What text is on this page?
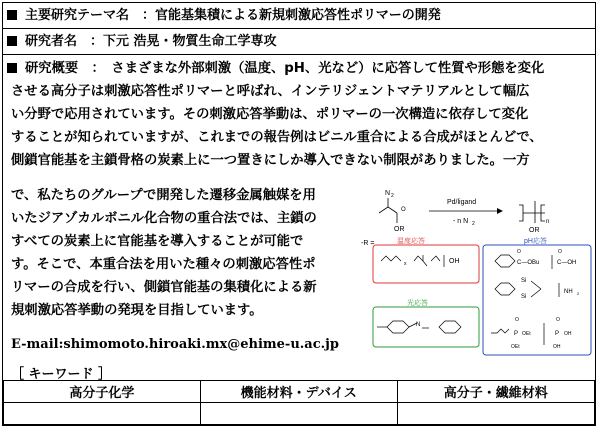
主要研究テーマ名　 ：官能基集積による新規刺激応答性ポリマーの開発
研究者名　 ：下元 浩晃・物質生命工学専攻
研究概要　 ：　さまざまな外部刺激（温度、pH、光など）に応答して性質や形態を変化
させる高分子は刺激応答性ポリマーと呼ばれ、インテリジェントマテリアルとして幅広
い分野で応用されています。その刺激応答挙動は、ポリマーの一次構造に依存して変化
することが知られていますが、これまでの報告例はビニル重合による合成がほとんどで、
側鎖官能基を主鎖骨格の炭素上に一つ置きにしか導入できない制限がありました。一方
で、私たちのグループで開発した遷移金属触媒を用
いたジアゾカルボニル化合物の重合法では、主鎖の
すべての炭素上に官能基を導入することが可能で
す。そこで、本重合法を用いた種々の刺激応答性ポ
リマーの合成を行い、側鎖官能基の集積化による新
規刺激応答挙動の発現を目指しています。
N 2
OR
O
Pd/ligand
- n N 2	n
OR
-R =	温度応答
x	OH
光応答
N
pH応答
C—OBu
O
C—OH
O
Si
Si
NH 2
P
O
OEt
OEt
P
O
OH
OH
E-mail:shimomoto.hiroaki.mx@ehime-u.ac.jp
［ キーワード ］
高分子化学	機能材料・デバイス	高分子・繊維材料
